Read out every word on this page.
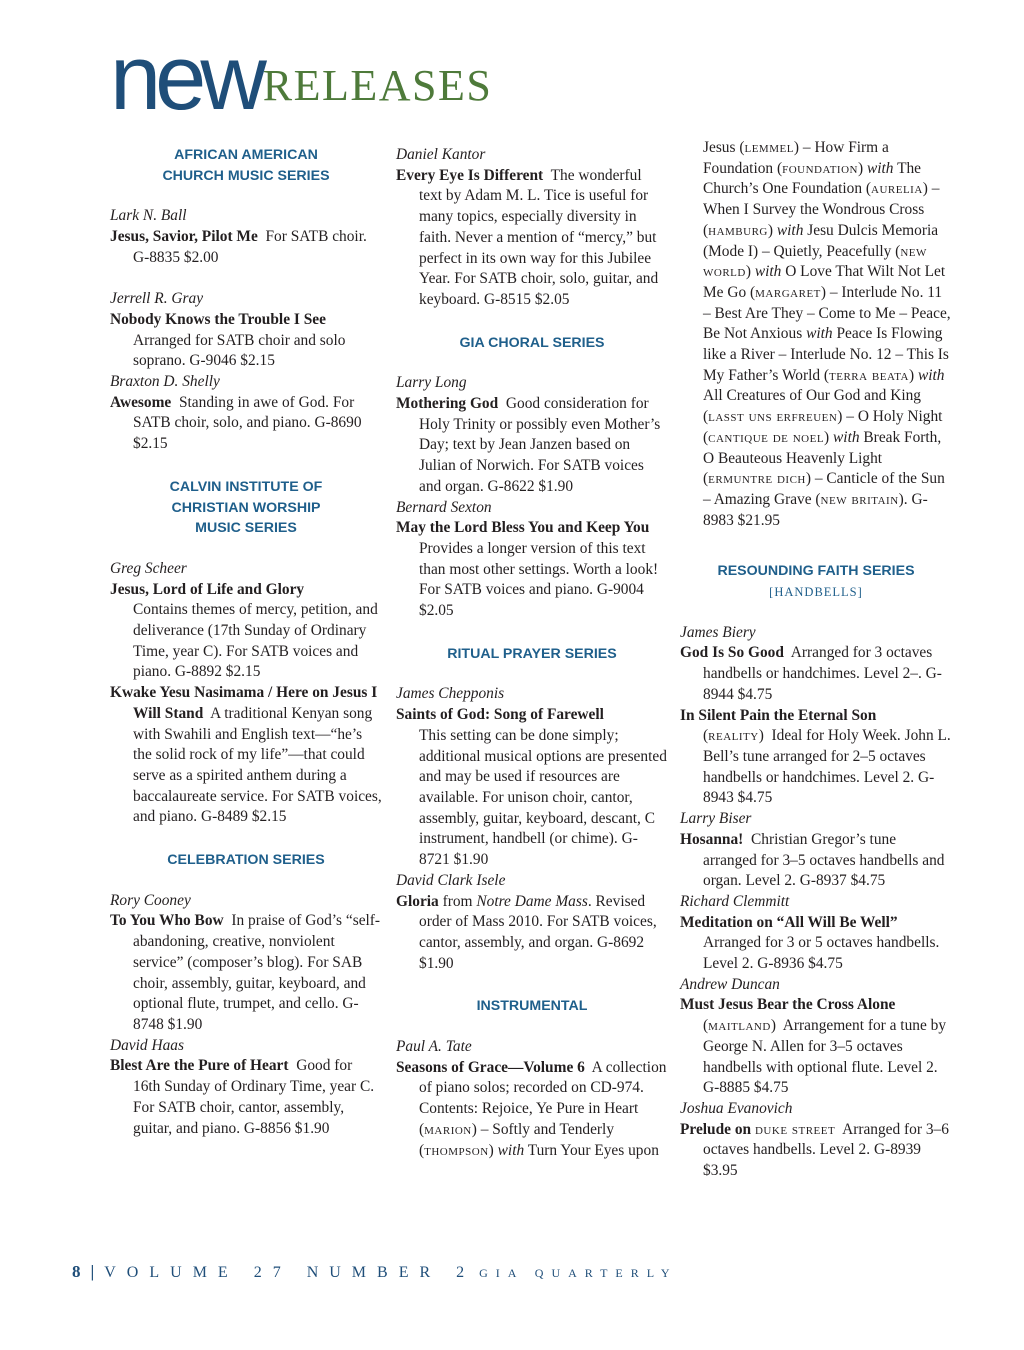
newRELEASES
AFRICAN AMERICAN
CHURCH MUSIC SERIES
Lark N. Ball

Jesus, Savior, Pilot Me For SATB choir. G-8835 $2.00

Jerrell R. Gray

Nobody Knows the Trouble I See
Arranged for SATB choir and solo soprano. G-9046 $2.15

Braxton D. Shelly

Awesome Standing in awe of God. For SATB choir, solo, and piano. G-8690 $2.15

CALVIN INSTITUTE OF
CHRISTIAN WORSHIP
MUSIC SERIES
Greg Scheer

Jesus, Lord of Life and Glory
Contains themes of mercy, petition, and deliverance (17th Sunday of Ordinary Time, year C). For SATB voices and piano. G-8892 $2.15

Kwake Yesu Nasimama / Here on Jesus I Will Stand A traditional Kenyan song with Swahili and English text—“he’s the solid rock of my life”—that could serve as a spirited anthem during a baccalaureate service. For SATB voices, and piano. G-8489 $2.15

CELEBRATION SERIES
Rory Cooney

To You Who Bow In praise of God’s “self-abandoning, creative, nonviolent service” (composer’s blog). For SAB choir, assembly, guitar, keyboard, and optional flute, trumpet, and cello. G-8748 $1.90

David Haas

Blest Are the Pure of Heart Good for 16th Sunday of Ordinary Time, year C. For SATB choir, cantor, assembly, guitar, and piano. G-8856 $1.90

Daniel Kantor

Every Eye Is Different The wonderful text by Adam M. L. Tice is useful for many topics, especially diversity in faith. Never a mention of “mercy,” but perfect in its own way for this Jubilee Year. For SATB choir, solo, guitar, and keyboard. G-8515 $2.05

GIA CHORAL SERIES
Larry Long

Mothering God Good consideration for Holy Trinity or possibly even Mother’s Day; text by Jean Janzen based on Julian of Norwich. For SATB voices and organ. G-8622 $1.90

Bernard Sexton

May the Lord Bless You and Keep You
Provides a longer version of this text than most other settings. Worth a look! For SATB voices and piano. G-9004 $2.05

RITUAL PRAYER SERIES
James Chepponis

Saints of God: Song of Farewell
This setting can be done simply; additional musical options are presented and may be used if resources are available. For unison choir, cantor, assembly, guitar, keyboard, descant, C instrument, handbell (or chime). G-8721 $1.90

David Clark Isele

Gloria from Notre Dame Mass. Revised order of Mass 2010. For SATB voices, cantor, assembly, and organ. G-8692 $1.90

INSTRUMENTAL
Paul A. Tate

Seasons of Grace—Volume 6 A collection of piano solos; recorded on CD-974. Contents: Rejoice, Ye Pure in Heart (marion) – Softly and Tenderly (thompson) with Turn Your Eyes upon

Jesus (lemmel) – How Firm a Foundation (foundation) with The Church’s One Foundation (aurelia) – When I Survey the Wondrous Cross (hamburg) with Jesu Dulcis Memoria (Mode I) – Quietly, Peacefully (new world) with O Love That Wilt Not Let Me Go (margaret) – Interlude No. 11 – Best Are They – Come to Me – Peace, Be Not Anxious with Peace Is Flowing like a River – Interlude No. 12 – This Is My Father’s World (terra beata) with All Creatures of Our God and King (lasst uns erfreuen) – O Holy Night (cantique de noel) with Break Forth, O Beauteous Heavenly Light (ermuntre dich) – Canticle of the Sun – Amazing Grave (new britain). G-8983 $21.95

RESOUNDING FAITH SERIES
[HANDBELLS]
James Biery

God Is So Good Arranged for 3 octaves handbells or handchimes. Level 2–. G-8944 $4.75

In Silent Pain the Eternal Son
(reality)  Ideal for Holy Week. John L. Bell’s tune arranged for 2–5 octaves handbells or handchimes. Level 2. G-8943 $4.75

Larry Biser

Hosanna! Christian Gregor’s tune arranged for 3–5 octaves handbells and organ. Level 2. G-8937 $4.75

Richard Clemmitt

Meditation on “All Will Be Well”
Arranged for 3 or 5 octaves handbells. Level 2. G-8936 $4.75

Andrew Duncan

Must Jesus Bear the Cross Alone
(maitland)  Arrangement for a tune by George N. Allen for 3–5 octaves handbells with optional flute. Level 2. G-8885 $4.75

Joshua Evanovich

Prelude on duke street Arranged for 3–6 octaves handbells. Level 2. G-8939 $3.95

8 | VOLUME 27 NUMBER 2 GIA QUARTERLY
